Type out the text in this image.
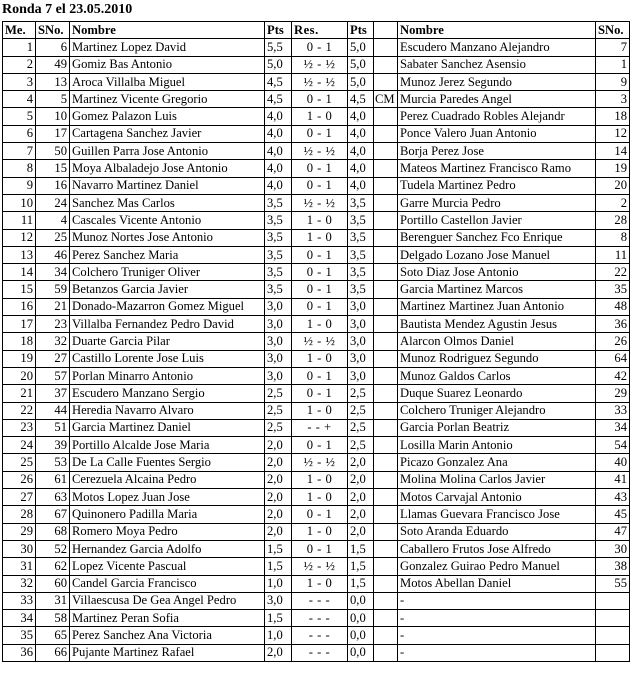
Ronda 7 el 23.05.2010
Me.	SNo.	Nombre	Pts	Res.	Pts		Nombre	SNo.
1	6	Martinez Lopez David	5,5	0 - 1	5,0		Escudero Manzano Alejandro	7
2	49	Gomiz Bas Antonio	5,0	½ - ½	5,0		Sabater Sanchez Asensio	1
3	13	Aroca Villalba Miguel	4,5	½ - ½	5,0		Munoz Jerez Segundo	9
4	5	Martinez Vicente Gregorio	4,5	0 - 1	4,5	CM	Murcia Paredes Angel	3
5	10	Gomez Palazon Luis	4,0	1 - 0	4,0		Perez Cuadrado Robles Alejandr	18
6	17	Cartagena Sanchez Javier	4,0	0 - 1	4,0		Ponce Valero Juan Antonio	12
7	50	Guillen Parra Jose Antonio	4,0	½ - ½	4,0		Borja Perez Jose	14
8	15	Moya Albaladejo Jose Antonio	4,0	0 - 1	4,0		Mateos Martinez Francisco Ramo	19
9	16	Navarro Martinez Daniel	4,0	0 - 1	4,0		Tudela Martinez Pedro	20
10	24	Sanchez Mas Carlos	3,5	½ - ½	3,5		Garre Murcia Pedro	2
11	4	Cascales Vicente Antonio	3,5	1 - 0	3,5		Portillo Castellon Javier	28
12	25	Munoz Nortes Jose Antonio	3,5	1 - 0	3,5		Berenguer Sanchez Fco Enrique	8
13	46	Perez Sanchez Maria	3,5	0 - 1	3,5		Delgado Lozano Jose Manuel	11
14	34	Colchero Truniger Oliver	3,5	0 - 1	3,5		Soto Diaz Jose Antonio	22
15	59	Betanzos Garcia Javier	3,5	0 - 1	3,5		Garcia Martinez Marcos	35
16	21	Donado-Mazarron Gomez Miguel	3,0	0 - 1	3,0		Martinez Martinez Juan Antonio	48
17	23	Villalba Fernandez Pedro David	3,0	1 - 0	3,0		Bautista Mendez Agustin Jesus	36
18	32	Duarte Garcia Pilar	3,0	½ - ½	3,0		Alarcon Olmos Daniel	26
19	27	Castillo Lorente Jose Luis	3,0	1 - 0	3,0		Munoz Rodriguez Segundo	64
20	57	Porlan Minarro Antonio	3,0	0 - 1	3,0		Munoz Galdos Carlos	42
21	37	Escudero Manzano Sergio	2,5	0 - 1	2,5		Duque Suarez Leonardo	29
22	44	Heredia Navarro Alvaro	2,5	1 - 0	2,5		Colchero Truniger Alejandro	33
23	51	Garcia Martinez Daniel	2,5	- - +	2,5		Garcia Porlan Beatriz	34
24	39	Portillo Alcalde Jose Maria	2,0	0 - 1	2,5		Losilla Marin Antonio	54
25	53	De La Calle Fuentes Sergio	2,0	½ - ½	2,0		Picazo Gonzalez Ana	40
26	61	Cerezuela Alcaina Pedro	2,0	1 - 0	2,0		Molina Molina Carlos Javier	41
27	63	Motos Lopez Juan Jose	2,0	1 - 0	2,0		Motos Carvajal Antonio	43
28	67	Quinonero Padilla Maria	2,0	0 - 1	2,0		Llamas Guevara Francisco Jose	45
29	68	Romero Moya Pedro	2,0	1 - 0	2,0		Soto Aranda Eduardo	47
30	52	Hernandez Garcia Adolfo	1,5	0 - 1	1,5		Caballero Frutos Jose Alfredo	30
31	62	Lopez Vicente Pascual	1,5	½ - ½	1,5		Gonzalez Guirao Pedro Manuel	38
32	60	Candel Garcia Francisco	1,0	1 - 0	1,5		Motos Abellan Daniel	55
33	31	Villaescusa De Gea Angel Pedro	3,0	- - -	0,0		-	
34	58	Martinez Peran Sofia	1,5	- - -	0,0		-	
35	65	Perez Sanchez Ana Victoria	1,0	- - -	0,0		-	
36	66	Pujante Martinez Rafael	2,0	- - -	0,0		-	
